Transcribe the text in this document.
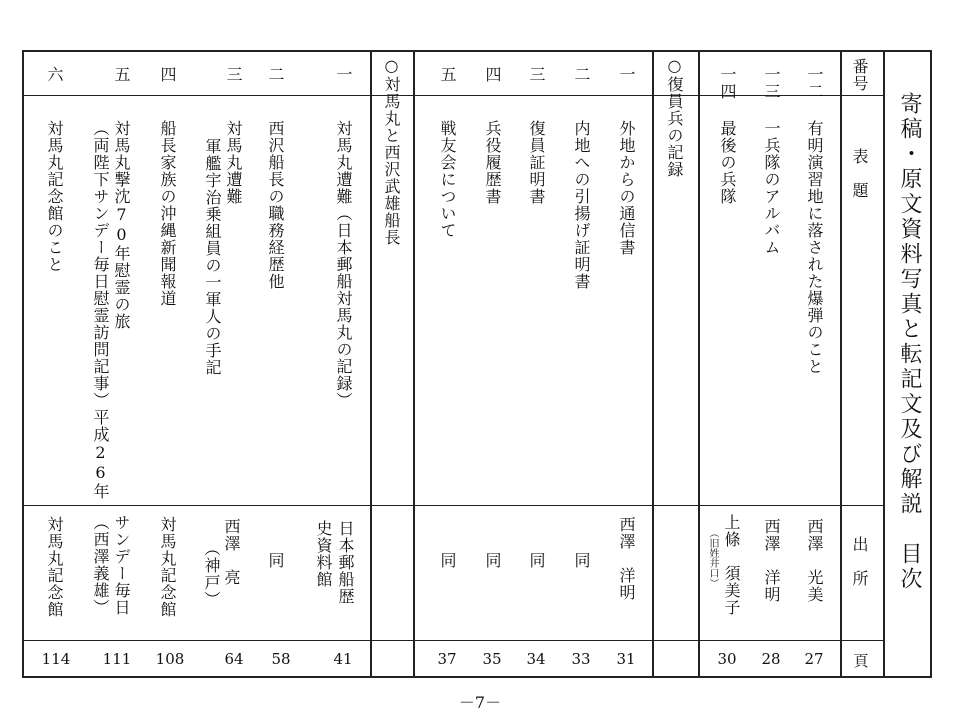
寄稿・原文資料写真と転記文及び解説　目次
番号
表　題
出　所
頁
一二
有明演習地に落された爆弾のこと
西澤　光美
27
一三
一兵隊のアルバム
西澤　洋明
28
一四
最後の兵隊
上條　須美子
（旧姓井口）
30
○復員兵の記録
一
外地からの通信書
西澤　洋明
31
二
内地への引揚げ証明書
同
33
三
復員証明書
同
34
四
兵役履歴書
同
35
五
戦友会について
同
37
○対馬丸と西沢武雄船長
一
対馬丸遭難（日本郵船対馬丸の記録）
日本郵船歴
史資料館
41
二
西沢船長の職務経歴他
同
58
三
対馬丸遭難
軍艦宇治乗組員の一軍人の手記
西澤　亮
（神戸）
64
四
船長家族の沖縄新聞報道
対馬丸記念館
108
五
対馬丸撃沈70年慰霊の旅
（両陛下サンデー毎日慰霊訪問記事）平成26年
サンデー毎日
（西澤義雄）
111
六
対馬丸記念館のこと
対馬丸記念館
114
－7－
